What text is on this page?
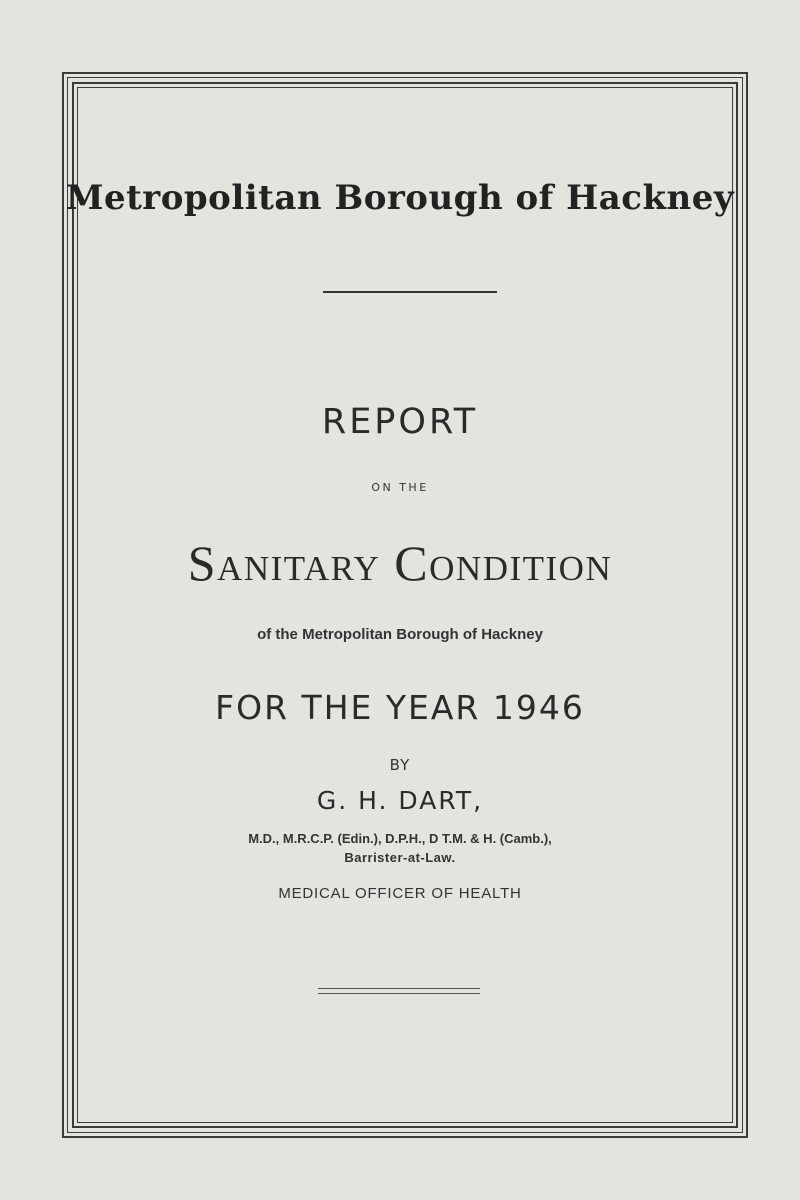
Metropolitan Borough of Hackney
REPORT
ON THE
Sanitary Condition
of the Metropolitan Borough of Hackney
FOR THE YEAR 1946
BY
G. H. DART,
M.D., M.R.C.P. (Edin.), D.P.H., D T.M. & H. (Camb.),
Barrister-at-Law.
MEDICAL OFFICER OF HEALTH
